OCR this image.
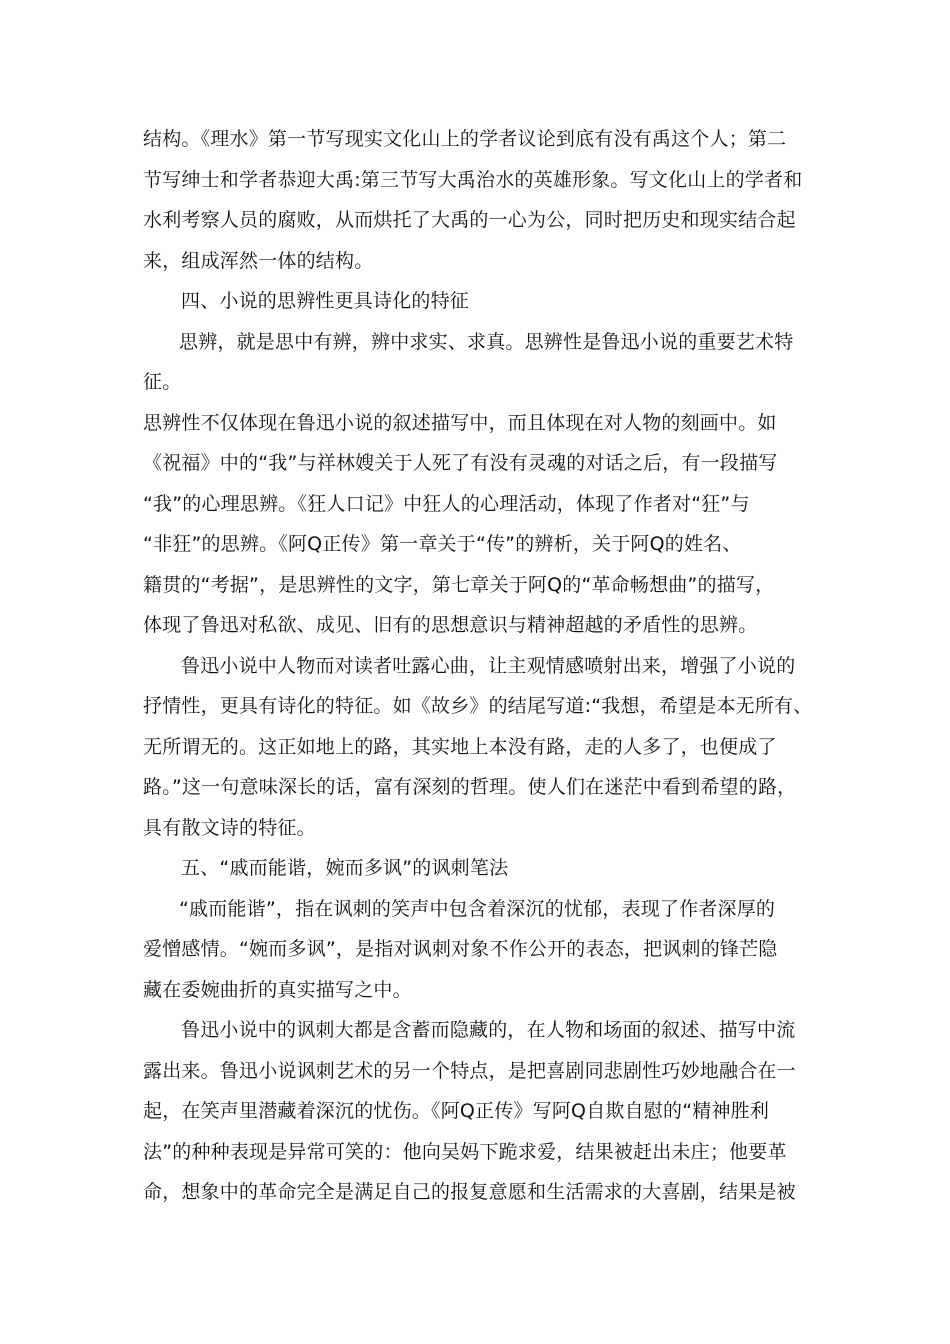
结构。《理水》第一节写现实文化山上的学者议论到底有没有禹这个人；第二
节写绅士和学者恭迎大禹:第三节写大禹治水的英雄形象。写文化山上的学者和
水利考察人员的腐败，从而烘托了大禹的一心为公，同时把历史和现实结合起
来，组成浑然一体的结构。
四、小说的思辨性更具诗化的特征
思辨，就是思中有辨，辨中求实、求真。思辨性是鲁迅小说的重要艺术特
征。
思辨性不仅体现在鲁迅小说的叙述描写中，而且体现在对人物的刻画中。如
《祝福》中的“我”与祥林嫂关于人死了有没有灵魂的对话之后，有一段描写
“我”的心理思辨。《狂人口记》中狂人的心理活动，体现了作者对“狂”与
“非狂”的思辨。《阿Q正传》第一章关于“传”的辨析，关于阿Q的姓名、
籍贯的“考据”，是思辨性的文字，第七章关于阿Q的“革命畅想曲”的描写，
体现了鲁迅对私欲、成见、旧有的思想意识与精神超越的矛盾性的思辨。
鲁迅小说中人物而对读者吐露心曲，让主观情感喷射出来，增强了小说的
抒情性，更具有诗化的特征。如《故乡》的结尾写道:“我想，希望是本无所有、
无所谓无的。这正如地上的路，其实地上本没有路，走的人多了，也便成了
路。”这一句意味深长的话，富有深刻的哲理。使人们在迷茫中看到希望的路，
具有散文诗的特征。
五、“戚而能谐，婉而多讽”的讽刺笔法
“戚而能谐”，指在讽刺的笑声中包含着深沉的忧郁，表现了作者深厚的
爱憎感情。“婉而多讽”，是指对讽刺对象不作公开的表态，把讽刺的锋芒隐
藏在委婉曲折的真实描写之中。
鲁迅小说中的讽刺大都是含蓄而隐藏的，在人物和场面的叙述、描写中流
露出来。鲁迅小说讽刺艺术的另一个特点，是把喜剧同悲剧性巧妙地融合在一
起，在笑声里潜藏着深沉的忧伤。《阿Q正传》写阿Q自欺自慰的“精神胜利
法”的种种表现是异常可笑的：他向吴妈下跪求爱，结果被赶出未庄；他要革
命，想象中的革命完全是满足自己的报复意愿和生活需求的大喜剧，结果是被
